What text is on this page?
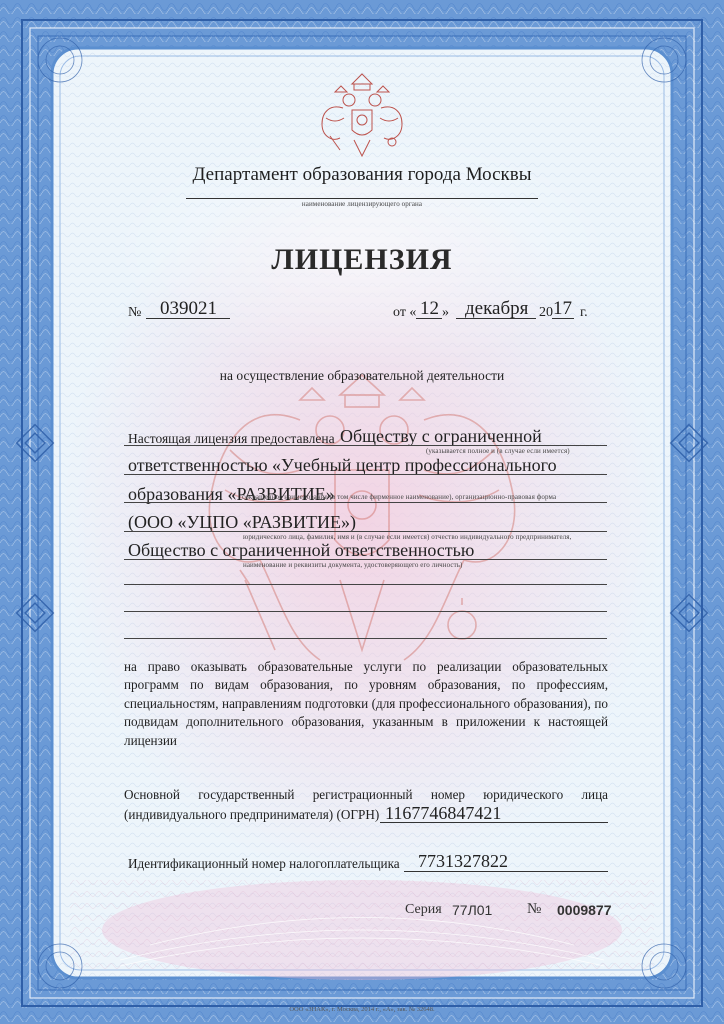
Департамент образования города Москвы
наименование лицензирующего органа
ЛИЦЕНЗИЯ
№ 039021	от « 12 » декабря 20 17 г.
на осуществление образовательной деятельности
Настоящая лицензия предоставлена Обществу с ограниченной
(указывается полное и (в случае если имеется)
ответственностью «Учебный центр профессионального
образования «РАЗВИТИЕ»
сокращенное наименование (в том числе фирменное наименование), организационно-правовая форма
(ООО «УЦПО «РАЗВИТИЕ»)
юридического лица, фамилия, имя и (в случае если имеется) отчество индивидуального предпринимателя,
Общество с ограниченной ответственностью
наименование и реквизиты документа, удостоверяющего его личность)
на право оказывать образовательные услуги по реализации образовательных программ по видам образования, по уровням образования, по профессиям, специальностям, направлениям подготовки (для профессионального образования), по подвидам дополнительного образования, указанным в приложении к настоящей лицензии
Основной государственный регистрационный номер юридического лица
(индивидуального предпринимателя) (ОГРН) 1167746847421
Идентификационный номер налогоплательщика 7731327822
Серия 77Л01 № 0009877
ООО «ЗНАК», г. Москва, 2014 г., «А», зак. № 32648.
